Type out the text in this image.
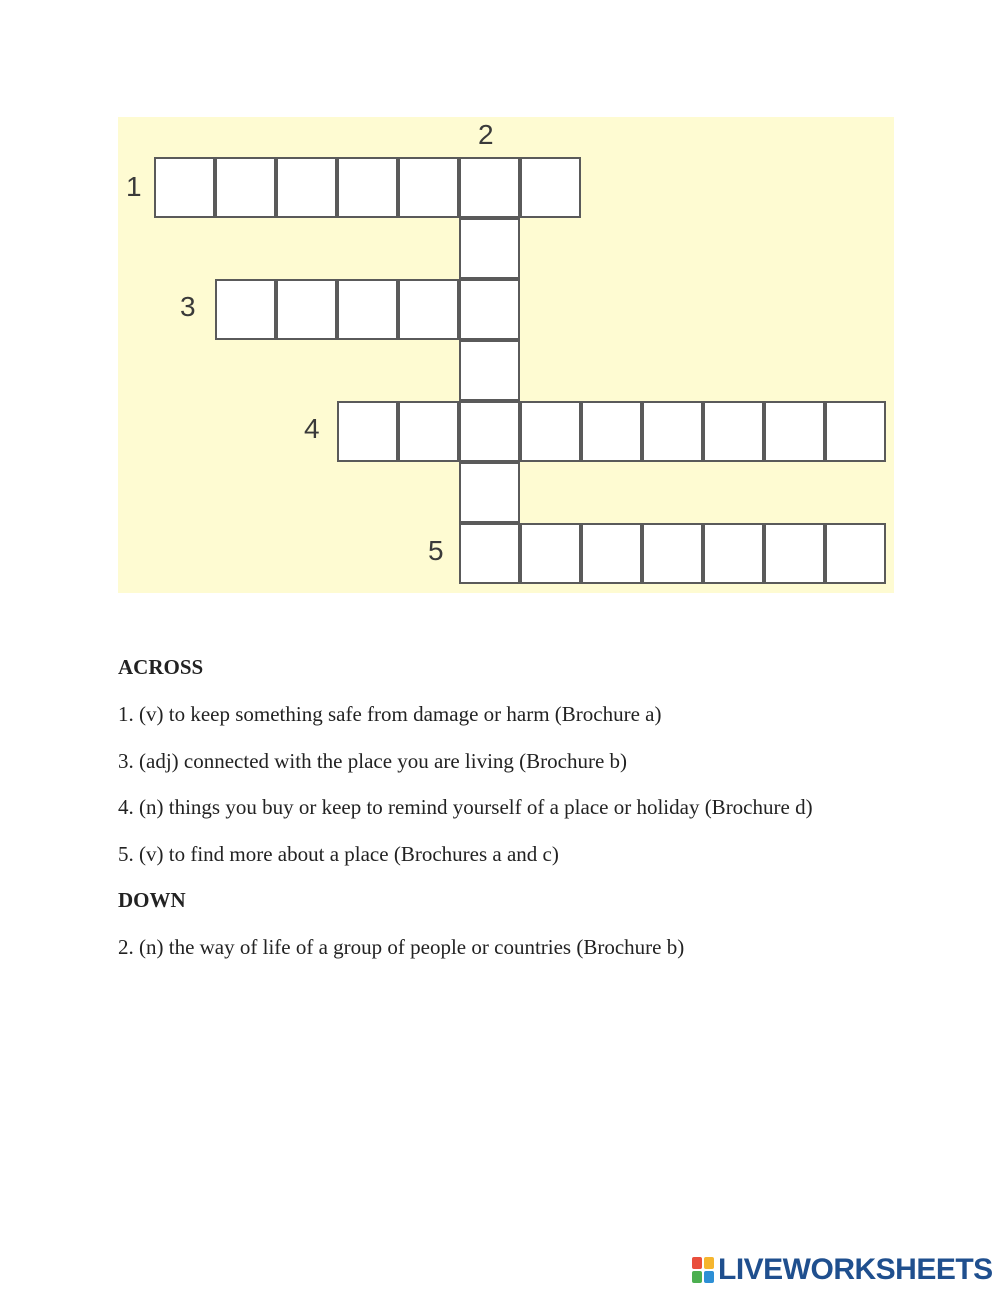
1
2
3
4
5

ACROSS

1. (v) to keep something safe from damage or harm (Brochure a)

3. (adj) connected with the place you are living (Brochure b)

4. (n) things you buy or keep to remind yourself of a place or holiday (Brochure d)

5. (v) to find more about a place (Brochures a and c)

DOWN

2. (n) the way of life of a group of people or countries (Brochure b)

LIVEWORKSHEETS
